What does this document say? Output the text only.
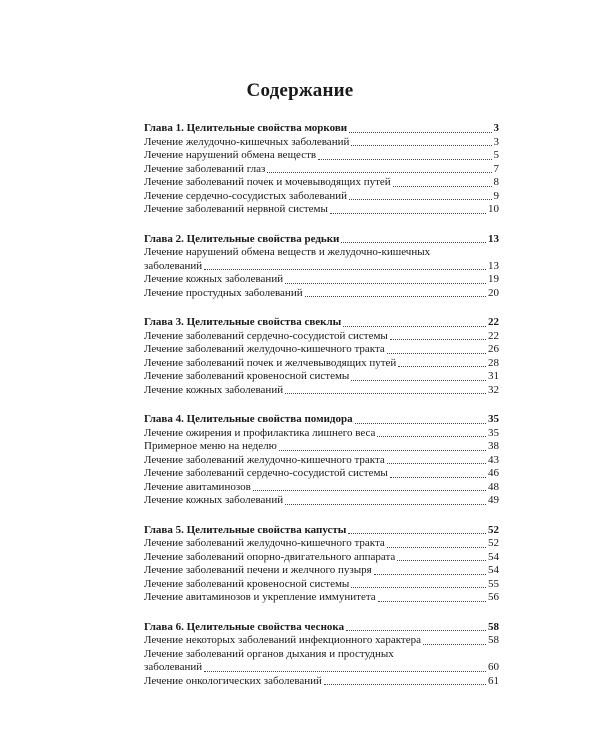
Содержание
Глава 1. Целительные свойства моркови	3
Лечение желудочно-кишечных заболеваний	3
Лечение нарушений обмена веществ	5
Лечение заболеваний глаз	7
Лечение заболеваний почек и мочевыводящих путей	8
Лечение сердечно-сосудистых заболеваний	9
Лечение заболеваний нервной системы	10
Глава 2. Целительные свойства редьки	13
Лечение нарушений обмена веществ и желудочно-кишечных
заболеваний	13
Лечение кожных заболеваний	19
Лечение простудных заболеваний	20
Глава 3. Целительные свойства свеклы	22
Лечение заболеваний сердечно-сосудистой системы	22
Лечение заболеваний желудочно-кишечного тракта	26
Лечение заболеваний почек и желчевыводящих путей	28
Лечение заболеваний кровеносной системы	31
Лечение кожных заболеваний	32
Глава 4. Целительные свойства помидора	35
Лечение ожирения и профилактика лишнего веса	35
Примерное меню на неделю	38
Лечение заболеваний желудочно-кишечного тракта	43
Лечение заболеваний сердечно-сосудистой системы	46
Лечение авитаминозов	48
Лечение кожных заболеваний	49
Глава 5. Целительные свойства капусты	52
Лечение заболеваний желудочно-кишечного тракта	52
Лечение заболеваний опорно-двигательного аппарата	54
Лечение заболеваний печени и желчного пузыря	54
Лечение заболеваний кровеносной системы	55
Лечение авитаминозов и укрепление иммунитета	56
Глава 6. Целительные свойства чеснока	58
Лечение некоторых заболеваний инфекционного характера	58
Лечение заболеваний органов дыхания и простудных
заболеваний	60
Лечение онкологических заболеваний	61
